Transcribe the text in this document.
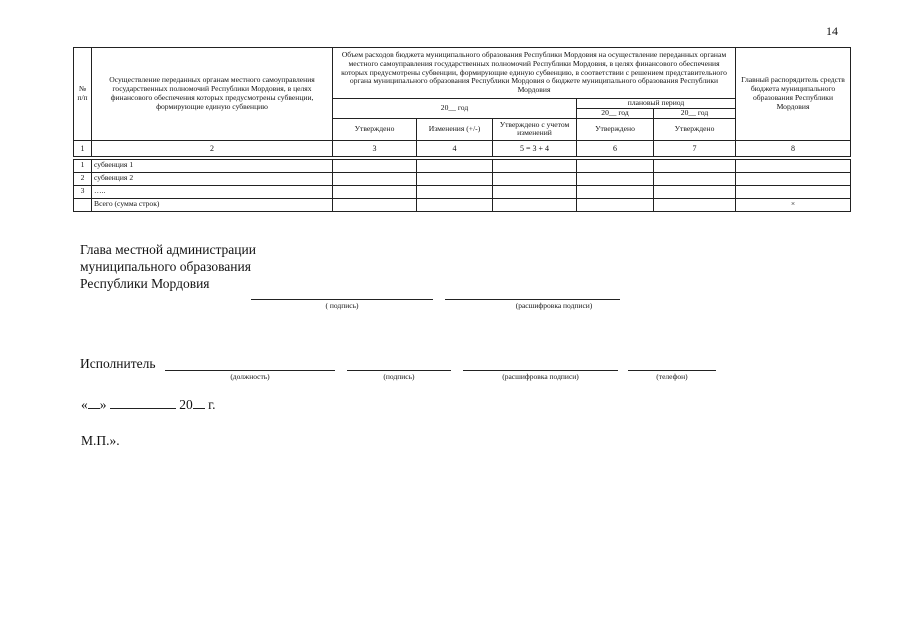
14
№ п/п	Осуществление переданных органам местного самоуправления государственных полномочий Республики Мордовия, в целях финансового обеспечения которых предусмотрены субвенции, формирующие единую субвенцию	Объем расходов бюджета муниципального образования Республики Мордовия на осуществление переданных органам местного самоуправления государственных полномочий Республики Мордовия, в целях финансового обеспечения которых предусмотрены субвенции, формирующие единую субвенцию, в соответствии с решением представительного органа муниципального образования Республики Мордовия о бюджете муниципального образования Республики Мордовия					Главный распорядитель средств бюджета муниципального образования Республики Мордовия
		20__ год			плановый период		
					20__ год	20__ год	
		Утверждено	Изменения (+/-)	Утверждено с учетом изменений	Утверждено	Утверждено	
1	2	3	4	5 = 3 + 4	6	7	8

1	субвенция 1						
2	субвенция 2						
3	…..						
	Всего (сумма строк)						×
Глава местной администрации
муниципального образования
Республики Мордовия
( подпись)	(расшифровка подписи)
Исполнитель
(должность)	(подпись)	(расшифровка подписи)	(телефон)
« »	20 г.
М.П.».
